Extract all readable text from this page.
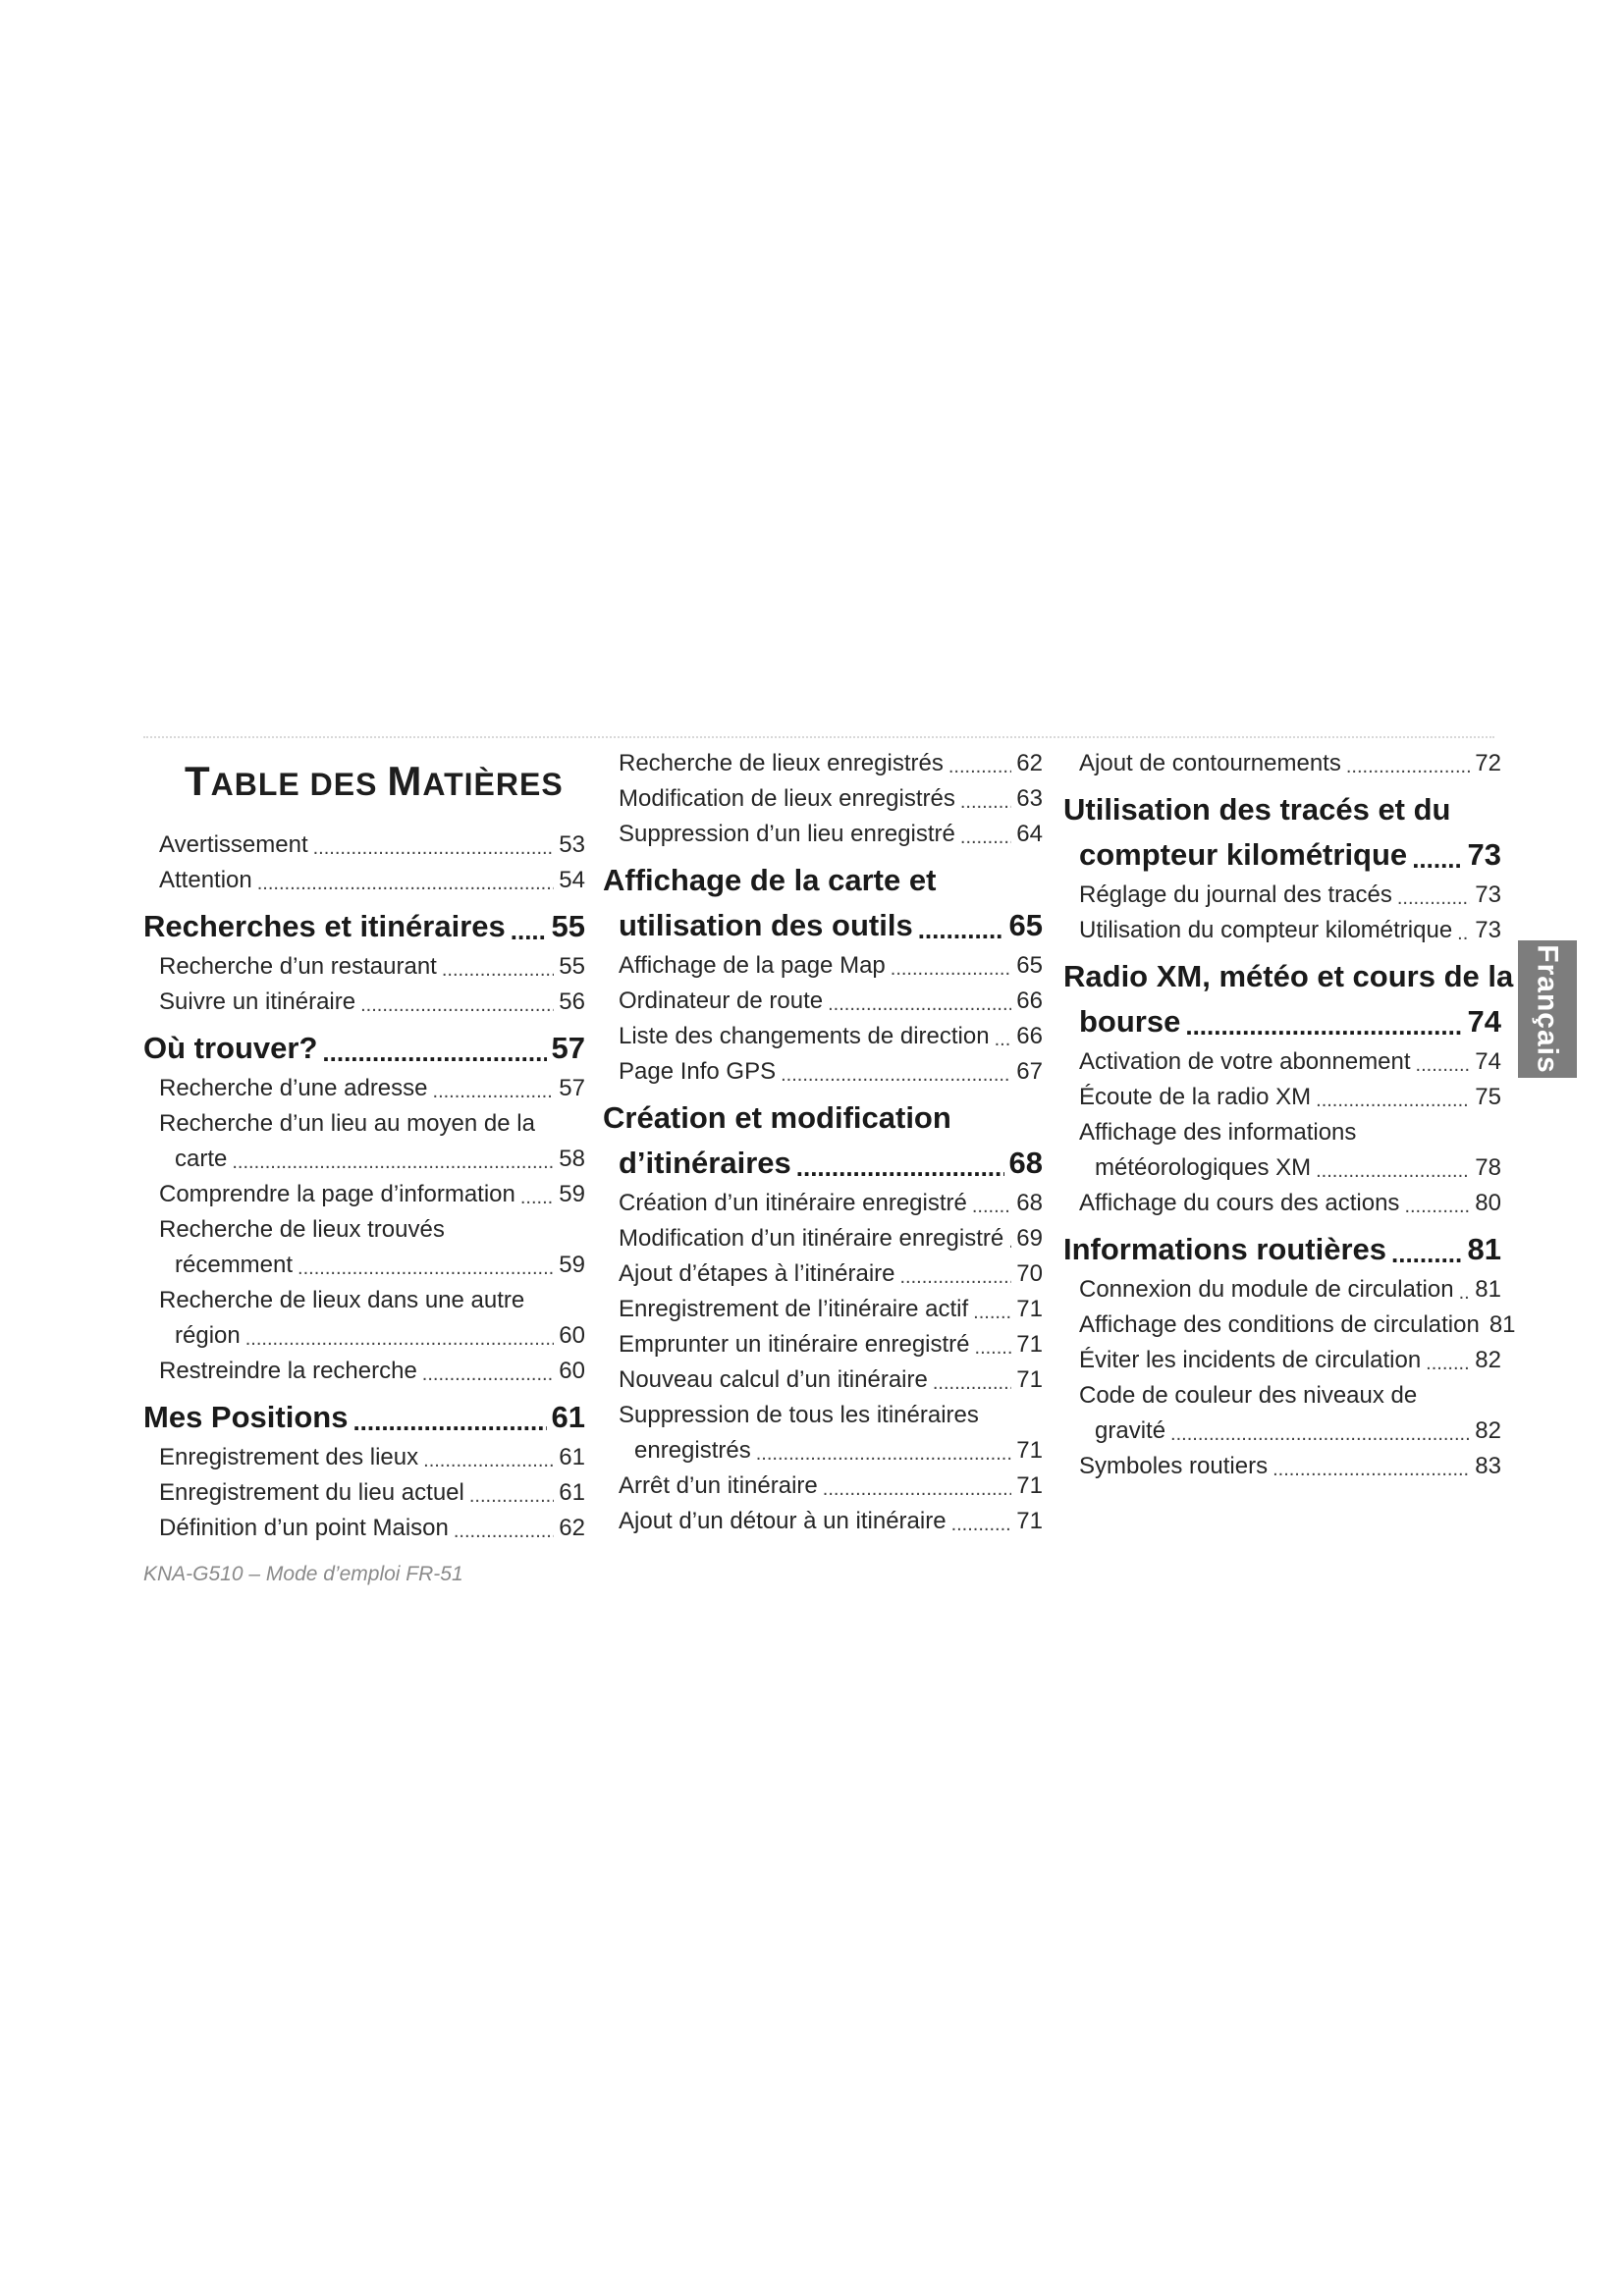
TABLE DES MATIÈRES
Avertissement .....	53
Attention .....	54
Recherches et itinéraires ..... 55
Recherche d’un restaurant .....	55
Suivre un itinéraire .....	56
Où trouver? .....	57
Recherche d’une adresse .....	57
Recherche d’un lieu au moyen de la
carte .....	58
Comprendre la page d’information ..... 59
Recherche de lieux trouvés
récemment .....	59
Recherche de lieux dans une autre
région .....	60
Restreindre la recherche .....	60
Mes Positions .....	61
Enregistrement des lieux .....	61
Enregistrement du lieu actuel .....	61
Définition d’un point Maison .....	62
Recherche de lieux enregistrés .....	62
Modification de lieux enregistrés .....	63
Suppression d’un lieu enregistré .....	64
Affichage de la carte et
utilisation des outils .....	65
Affichage de la page Map .....	65
Ordinateur de route .....	66
Liste des changements de direction ..... 66
Page Info GPS .....	67
Création et modification
d’itinéraires .....	68
Création d’un itinéraire enregistré ..... 68
Modification d’un itinéraire enregistré ..... 69
Ajout d’étapes à l’itinéraire .....	70
Enregistrement de l’itinéraire actif ..... 71
Emprunter un itinéraire enregistré ..... 71
Nouveau calcul d’un itinéraire .....	71
Suppression de tous les itinéraires
enregistrés .....	71
Arrêt d’un itinéraire .....	71
Ajout d’un détour à un itinéraire .....	71
Ajout de contournements .....	72
Utilisation des tracés et du
compteur kilométrique ..... 73
Réglage du journal des tracés .....	73
Utilisation du compteur kilométrique ..... 73
Radio XM, météo et cours de la
bourse .....	74
Activation de votre abonnement .....	74
Écoute de la radio XM .....	75
Affichage des informations
météorologiques XM .....	78
Affichage du cours des actions .....	80
Informations routières .....	81
Connexion du module de circulation ..... 81
Affichage des conditions de circulation 81
Éviter les incidents de circulation ..... 82
Code de couleur des niveaux de
gravité .....	82
Symboles routiers .....	83
KNA-G510 – Mode d’emploi FR-51
Français
